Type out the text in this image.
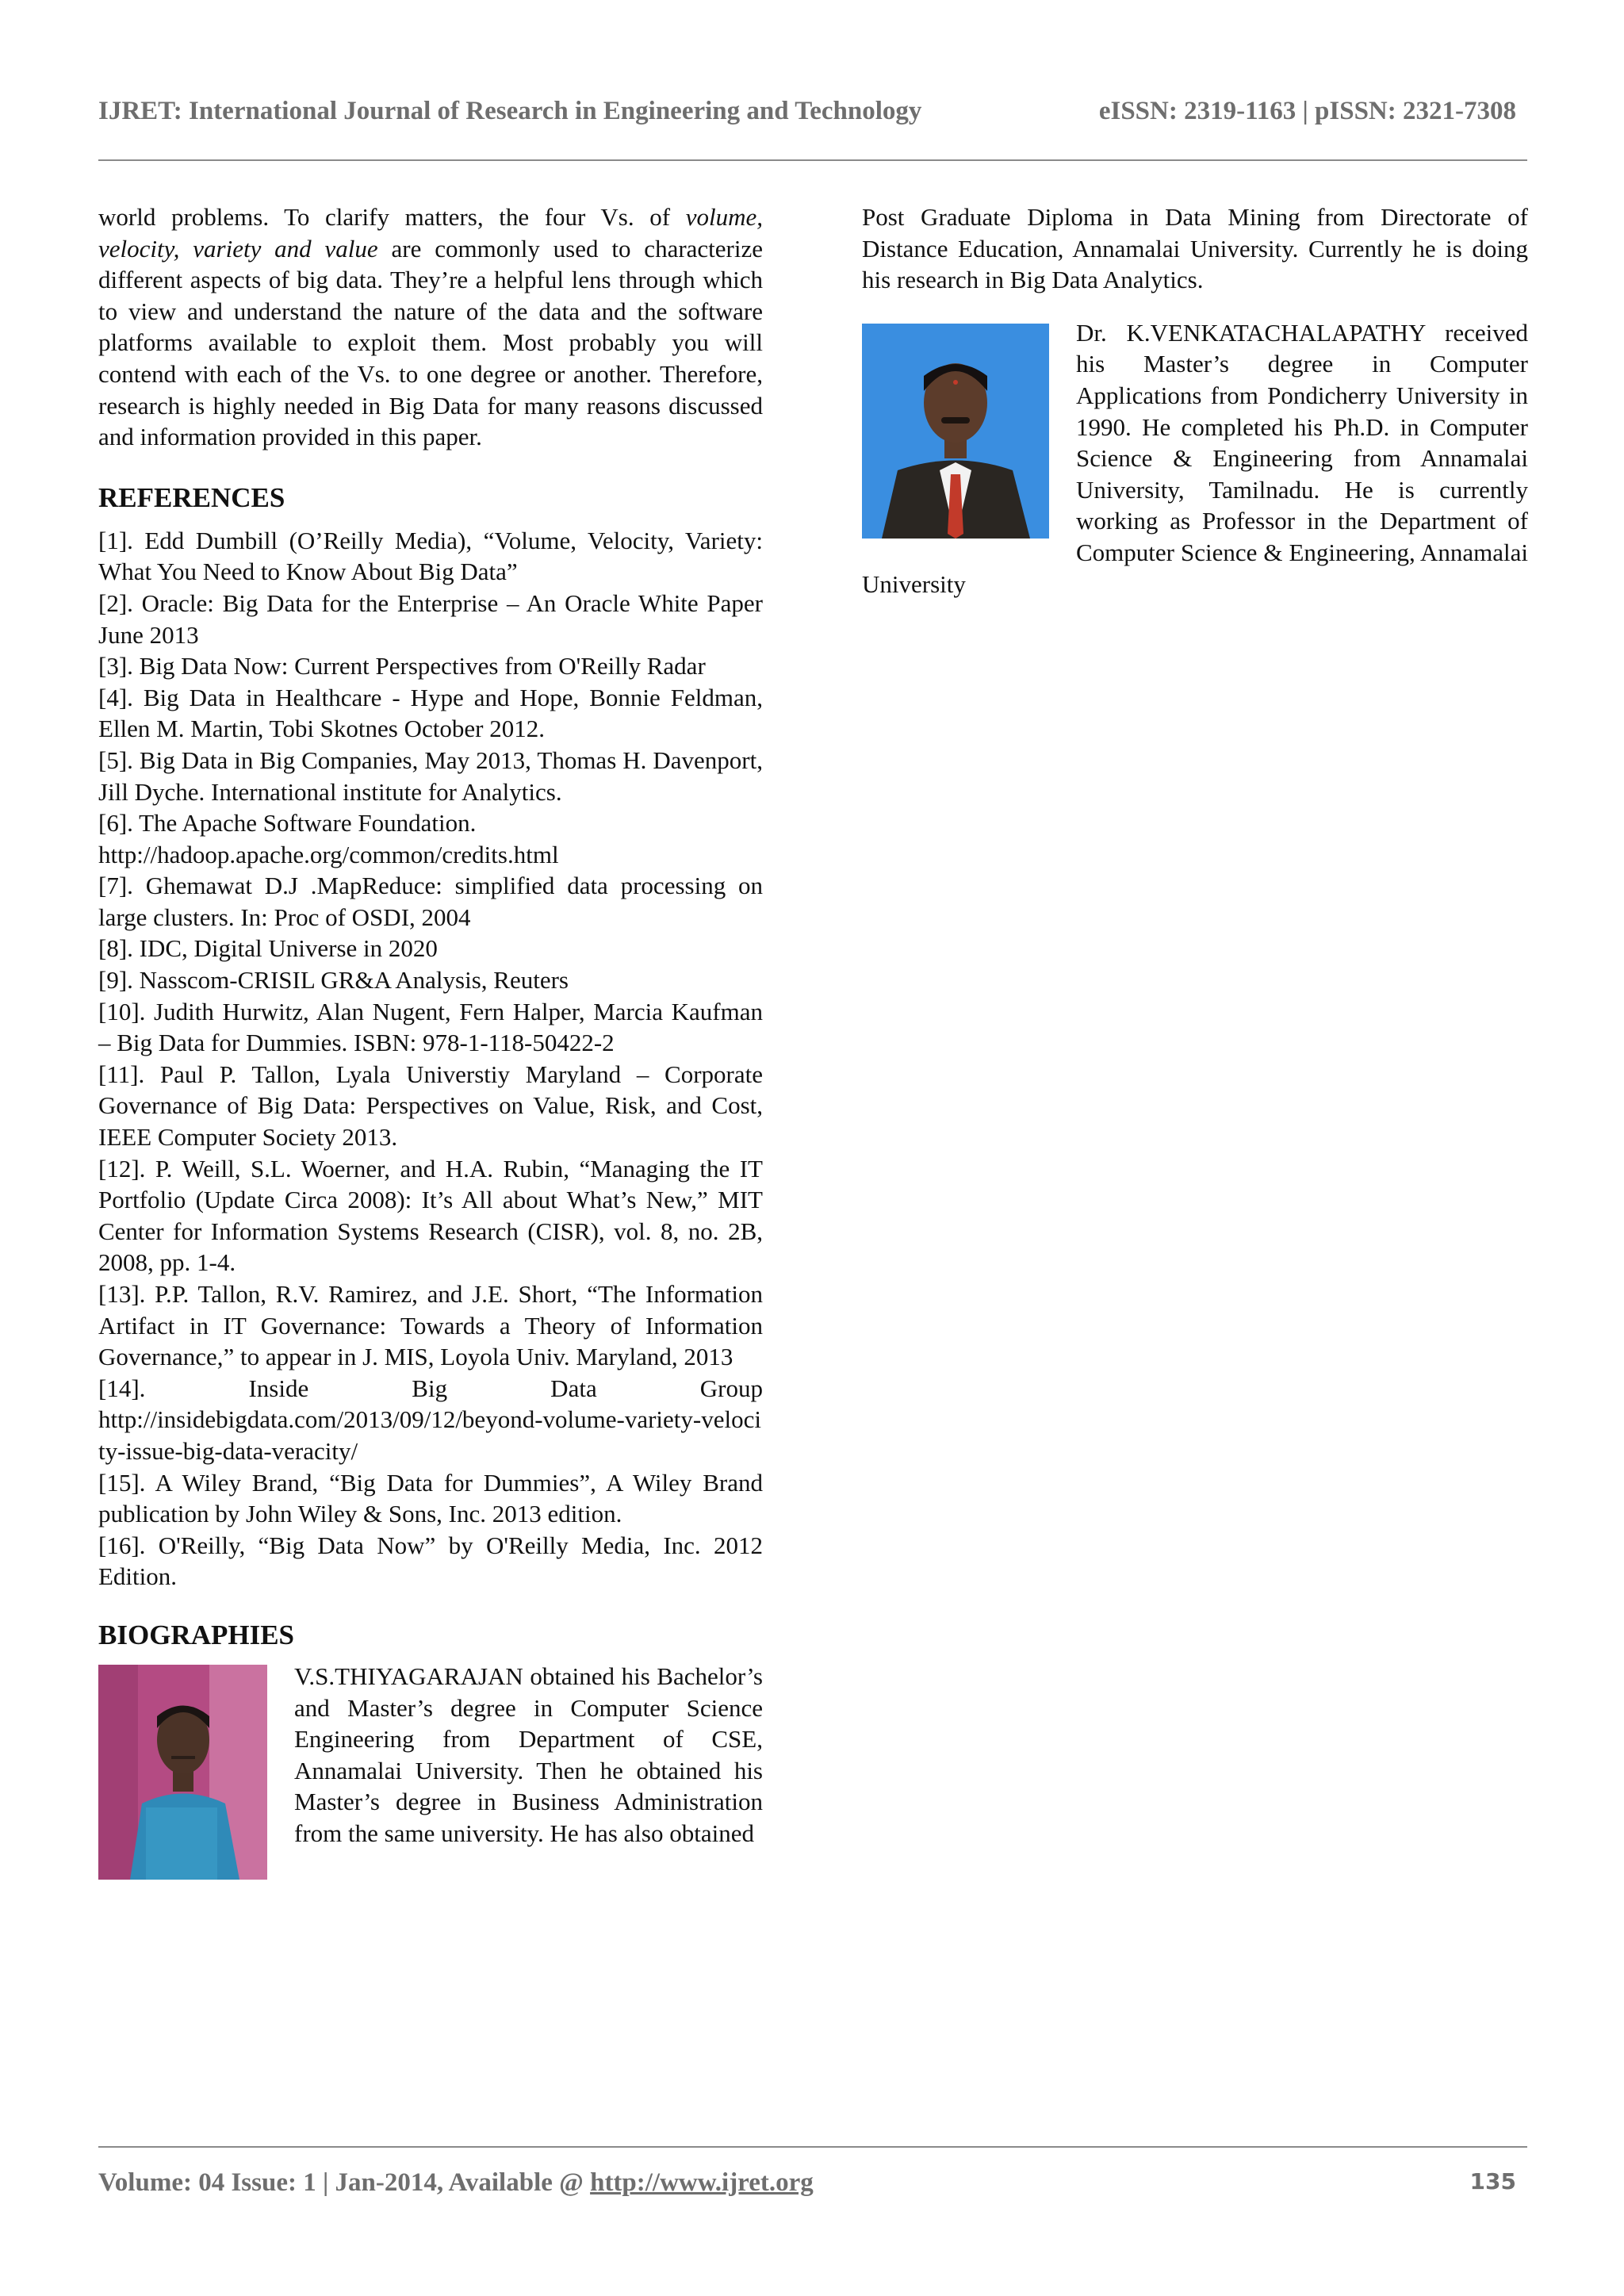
IJRET: International Journal of Research in Engineering and Technology	eISSN: 2319-1163 | pISSN: 2321-7308

world problems. To clarify matters, the four Vs. of volume, velocity, variety and value are commonly used to characterize different aspects of big data. They’re a helpful lens through which to view and understand the nature of the data and the software platforms available to exploit them. Most probably you will contend with each of the Vs. to one degree or another. Therefore, research is highly needed in Big Data for many reasons discussed and information provided in this paper.

REFERENCES

[1]. Edd Dumbill (O’Reilly Media), “Volume, Velocity, Variety: What You Need to Know About Big Data”

[2]. Oracle: Big Data for the Enterprise – An Oracle White Paper June 2013

[3]. Big Data Now: Current Perspectives from O'Reilly Radar

[4]. Big Data in Healthcare - Hype and Hope, Bonnie Feldman, Ellen M. Martin, Tobi Skotnes October 2012.

[5]. Big Data in Big Companies, May 2013, Thomas H. Davenport, Jill Dyche. International institute for Analytics.

[6]. The Apache Software Foundation.

http://hadoop.apache.org/common/credits.html

[7]. Ghemawat D.J .MapReduce: simplified data processing on large clusters. In: Proc of OSDI, 2004

[8]. IDC, Digital Universe in 2020

[9]. Nasscom-CRISIL GR&A Analysis, Reuters

[10]. Judith Hurwitz, Alan Nugent, Fern Halper, Marcia Kaufman – Big Data for Dummies. ISBN: 978-1-118-50422-2

[11]. Paul P. Tallon, Lyala Universtiy Maryland – Corporate Governance of Big Data: Perspectives on Value, Risk, and Cost, IEEE Computer Society 2013.

[12]. P. Weill, S.L. Woerner, and H.A. Rubin, “Managing the IT Portfolio (Update Circa 2008): It’s All about What’s New,” MIT Center for Information Systems Research (CISR), vol. 8, no. 2B, 2008, pp. 1-4.

[13]. P.P. Tallon, R.V. Ramirez, and J.E. Short, “The Information Artifact in IT Governance: Towards a Theory of Information Governance,” to appear in J. MIS, Loyola Univ. Maryland, 2013

[14]. Inside Big Data Group

http://insidebigdata.com/2013/09/12/beyond-volume-variety-velocity-issue-big-data-veracity/

[15]. A Wiley Brand, “Big Data for Dummies”, A Wiley Brand publication by John Wiley & Sons, Inc. 2013 edition.

[16]. O'Reilly, “Big Data Now” by O'Reilly Media, Inc. 2012 Edition.

BIOGRAPHIES

V.S.THIYAGARAJAN obtained his Bachelor’s and Master’s degree in Computer Science Engineering from Department of CSE, Annamalai University. Then he obtained his Master’s degree in Business Administration from the same university. He has also obtained

Post Graduate Diploma in Data Mining from Directorate of Distance Education, Annamalai University. Currently he is doing his research in Big Data Analytics.

Dr. K.VENKATACHALAPATHY received his Master’s degree in Computer Applications from Pondicherry University in 1990. He completed his Ph.D. in Computer Science & Engineering from Annamalai University, Tamilnadu. He is currently working as Professor in the Department of Computer Science & Engineering, Annamalai University

Volume: 04 Issue: 1 | Jan-2014, Available @ http://www.ijret.org	135
